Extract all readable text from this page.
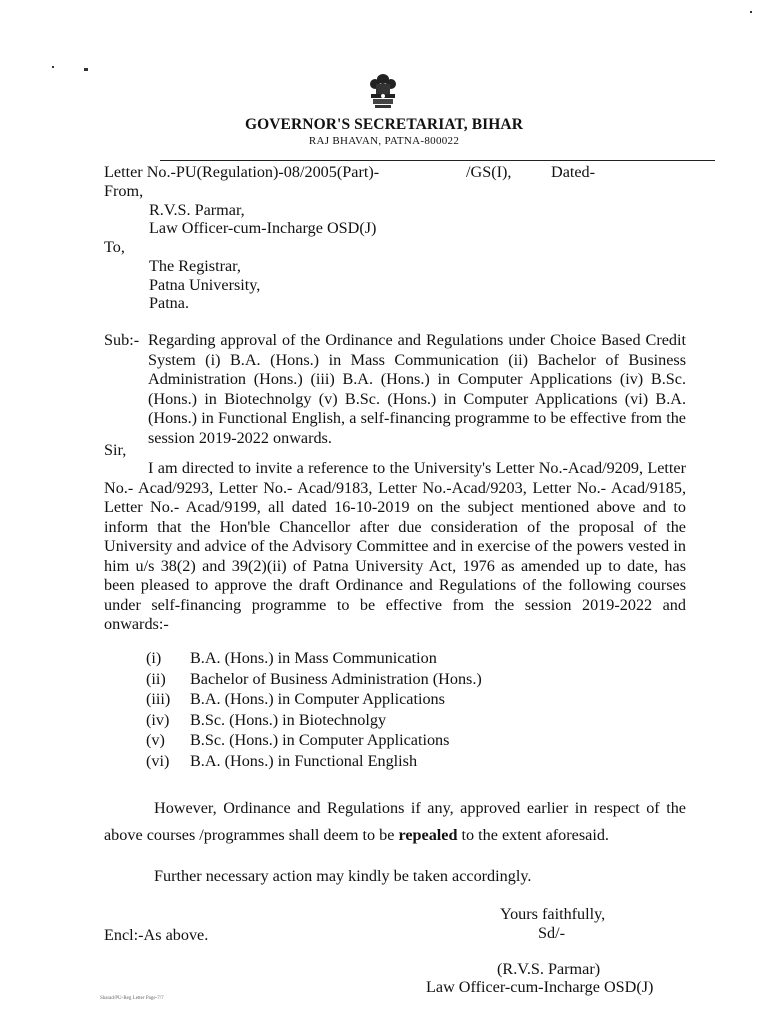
GOVERNOR'S SECRETARIAT, BIHAR
RAJ BHAVAN, PATNA-800022
Letter No.-PU(Regulation)-08/2005(Part)-	/GS(I), Dated-
From,
R.V.S. Parmar,
Law Officer-cum-Incharge OSD(J)
To,
The Registrar,
Patna University,
Patna.
Sub:- Regarding approval of the Ordinance and Regulations under Choice Based Credit System (i) B.A. (Hons.) in Mass Communication (ii) Bachelor of Business Administration (Hons.) (iii) B.A. (Hons.) in Computer Applications (iv) B.Sc. (Hons.) in Biotechnolgy (v) B.Sc. (Hons.) in Computer Applications (vi) B.A. (Hons.) in Functional English, a self-financing programme to be effective from the session 2019-2022 onwards.
Sir,
I am directed to invite a reference to the University's Letter No.-Acad/9209, Letter No.- Acad/9293, Letter No.- Acad/9183, Letter No.-Acad/9203, Letter No.- Acad/9185, Letter No.- Acad/9199, all dated 16-10-2019 on the subject mentioned above and to inform that the Hon'ble Chancellor after due consideration of the proposal of the University and advice of the Advisory Committee and in exercise of the powers vested in him u/s 38(2) and 39(2)(ii) of Patna University Act, 1976 as amended up to date, has been pleased to approve the draft Ordinance and Regulations of the following courses under self-financing programme to be effective from the session 2019-2022 and onwards:-
(i)	B.A. (Hons.) in Mass Communication
(ii)	Bachelor of Business Administration (Hons.)
(iii)	B.A. (Hons.) in Computer Applications
(iv)	B.Sc. (Hons.) in Biotechnolgy
(v)	B.Sc. (Hons.) in Computer Applications
(vi)	B.A. (Hons.) in Functional English
However, Ordinance and Regulations if any, approved earlier in respect of the above courses /programmes shall deem to be repealed to the extent aforesaid.
Further necessary action may kindly be taken accordingly.
Yours faithfully,
Sd/-
Encl:-As above.
(R.V.S. Parmar)
Law Officer-cum-Incharge OSD(J)
Sharad/PU-Reg Letter Page-7/7
